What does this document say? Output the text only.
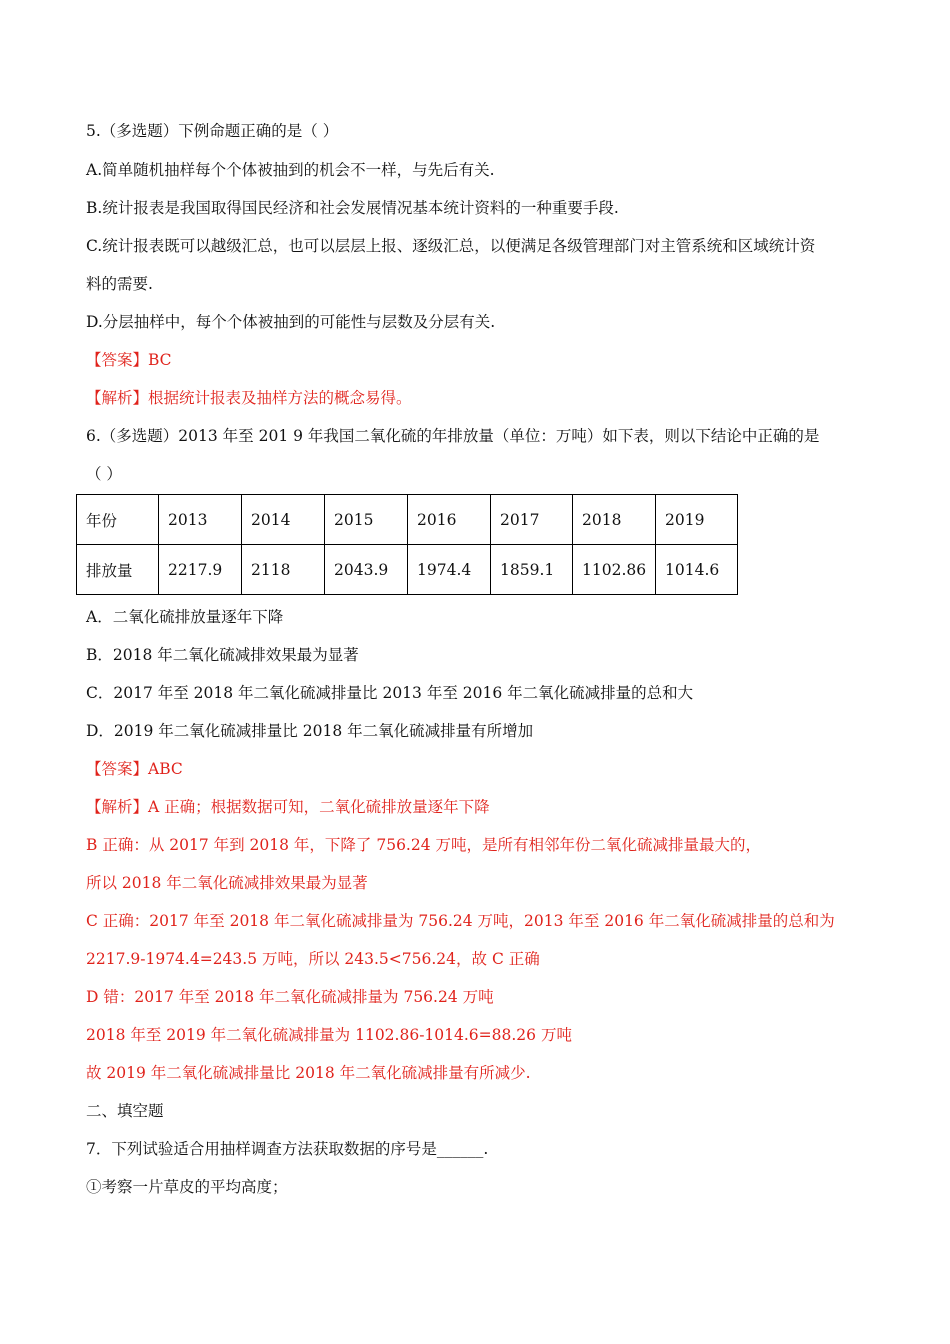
5.（多选题）下例命题正确的是（ ）
A.简单随机抽样每个个体被抽到的机会不一样，与先后有关.
B.统计报表是我国取得国民经济和社会发展情况基本统计资料的一种重要手段.
C.统计报表既可以越级汇总，也可以层层上报、逐级汇总，以便满足各级管理部门对主管系统和区域统计资
料的需要.
D.分层抽样中，每个个体被抽到的可能性与层数及分层有关.
【答案】BC
【解析】根据统计报表及抽样方法的概念易得。
6.（多选题）2013 年至 201 9 年我国二氧化硫的年排放量（单位：万吨）如下表，则以下结论中正确的是
（ ）
年份	2013	2014	2015	2016	2017	2018	2019
排放量	2217.9	2118	2043.9	1974.4	1859.1	1102.86	1014.6
A．二氧化硫排放量逐年下降
B．2018 年二氧化硫减排效果最为显著
C．2017 年至 2018 年二氧化硫减排量比 2013 年至 2016 年二氧化硫减排量的总和大
D．2019 年二氧化硫减排量比 2018 年二氧化硫减排量有所增加
【答案】ABC
【解析】A 正确；根据数据可知，二氧化硫排放量逐年下降
B 正确：从 2017 年到 2018 年，下降了 756.24 万吨，是所有相邻年份二氧化硫减排量最大的，
所以 2018 年二氧化硫减排效果最为显著
C 正确：2017 年至 2018 年二氧化硫减排量为 756.24 万吨，2013 年至 2016 年二氧化硫减排量的总和为
2217.9-1974.4=243.5 万吨，所以 243.5<756.24，故 C 正确
D 错：2017 年至 2018 年二氧化硫减排量为 756.24 万吨
2018 年至 2019 年二氧化硫减排量为 1102.86-1014.6=88.26 万吨
故 2019 年二氧化硫减排量比 2018 年二氧化硫减排量有所减少.
二、填空题
7．下列试验适合用抽样调查方法获取数据的序号是______.
①考察一片草皮的平均高度；
